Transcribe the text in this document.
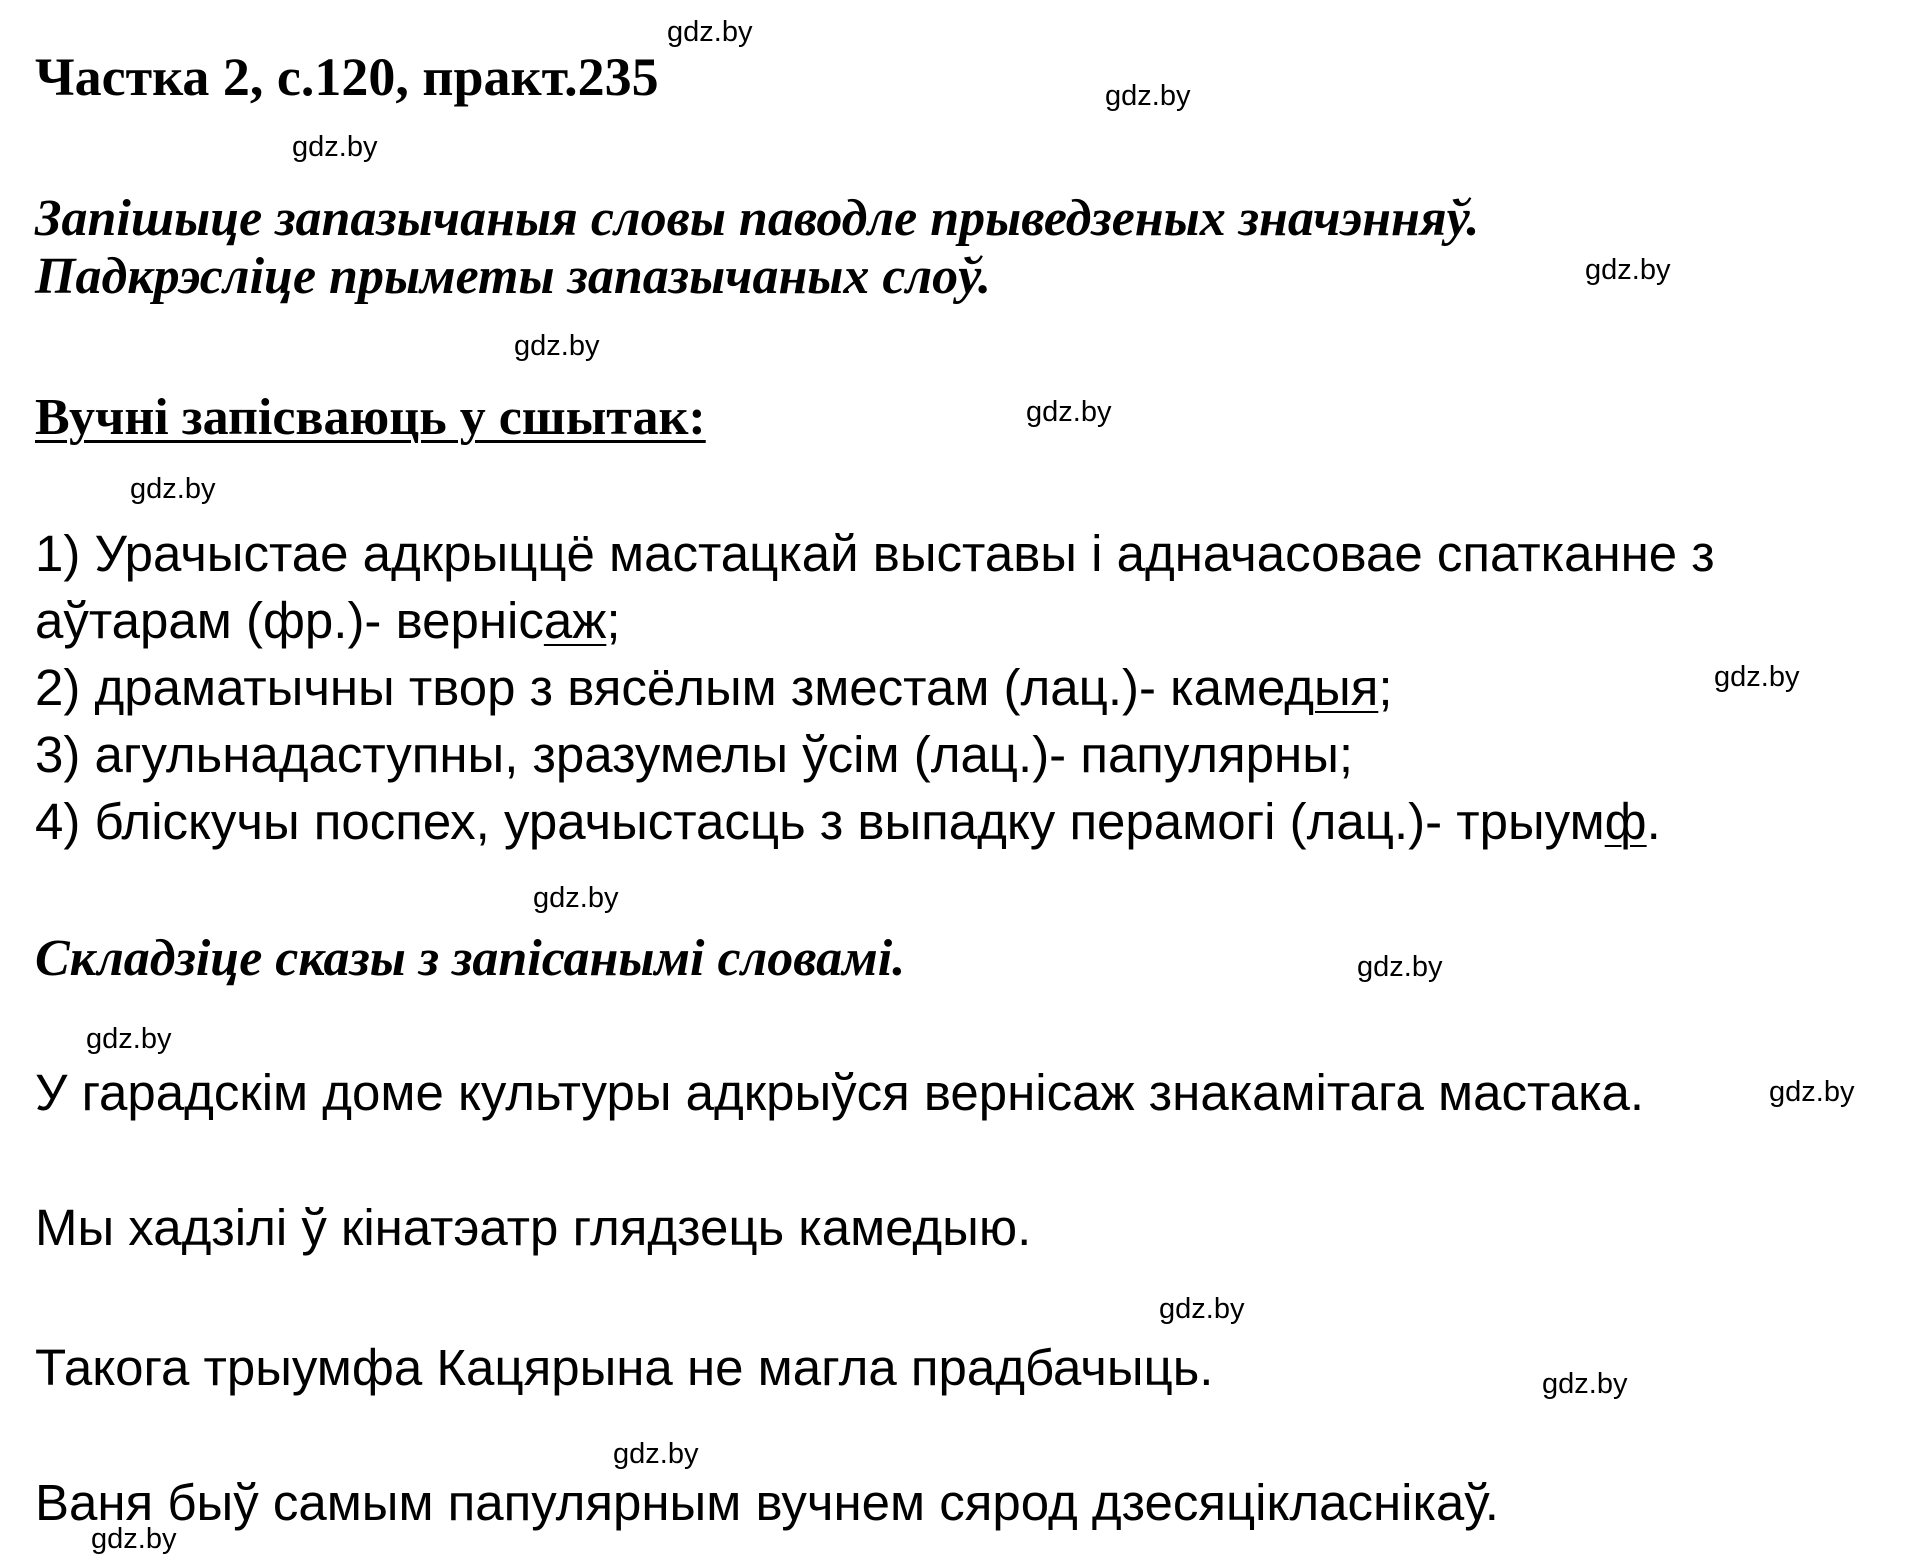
Частка 2, с.120, практ.235
Запішыце запазычаныя словы паводле прыведзеных значэнняў.
Падкрэсліце прыметы запазычаных слоў.
Вучні запісваюць у сшытак:
1) Урачыстае адкрыццё мастацкай выставы і адначасовае спатканне з
аўтарам (фр.)- вернісаж;
2) драматычны твор з вясёлым зместам (лац.)- камедыя;
3) агульнадаступны, зразумелы ўсім (лац.)- папулярны;
4) бліскучы поспех, урачыстасць з выпадку перамогі (лац.)- трыумф.
Складзіце сказы з запісанымі словамі.
У гарадскім доме культуры адкрыўся вернісаж знакамітага мастака.
Мы хадзілі ў кінатэатр глядзець камедыю.
Такога трыумфа Кацярына не магла прадбачыць.
Ваня быў самым папулярным вучнем сярод дзесяцікласнікаў.
gdz.by
gdz.by
gdz.by
gdz.by
gdz.by
gdz.by
gdz.by
gdz.by
gdz.by
gdz.by
gdz.by
gdz.by
gdz.by
gdz.by
gdz.by
gdz.by
